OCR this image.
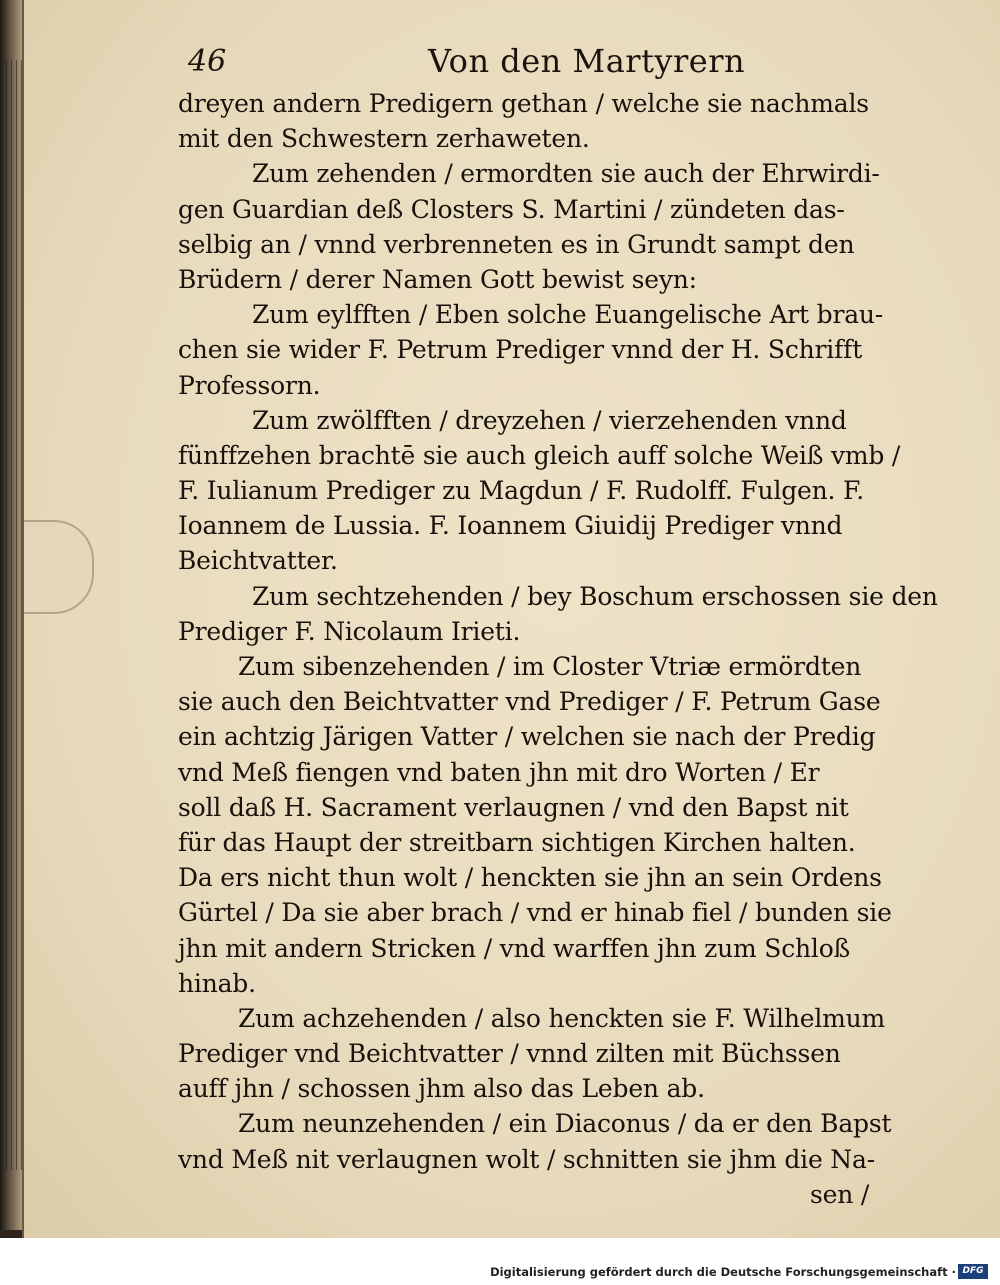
46	Von den Martyrern
dreyen andern Predigern gethan / welche sie nachmals
mit den Schwestern zerhaweten.
Zum zehenden / ermordten sie auch der Ehrwirdi-
gen Guardian deß Closters S. Martini / zündeten das-
selbig an / vnnd verbrenneten es in Grundt sampt den
Brüdern / derer Namen Gott bewist seyn:
Zum eylfften / Eben solche Euangelische Art brau-
chen sie wider F. Petrum Prediger vnnd der H. Schrifft
Professorn.
Zum zwölfften / dreyzehen / vierzehenden vnnd
fünffzehen brachtē sie auch gleich auff solche Weiß vmb /
F. Iulianum Prediger zu Magdun / F. Rudolff. Fulgen. F.
Ioannem de Lussia. F. Ioannem Giuidij Prediger vnnd
Beichtvatter.
Zum sechtzehenden / bey Boschum erschossen sie den
Prediger F. Nicolaum Irieti.
Zum sibenzehenden / im Closter Vtriæ ermördten
sie auch den Beichtvatter vnd Prediger / F. Petrum Gase
ein achtzig Järigen Vatter / welchen sie nach der Predig
vnd Meß fiengen vnd baten jhn mit dro Worten / Er
soll daß H. Sacrament verlaugnen / vnd den Bapst nit
für das Haupt der streitbarn sichtigen Kirchen halten.
Da ers nicht thun wolt / henckten sie jhn an sein Ordens
Gürtel / Da sie aber brach / vnd er hinab fiel / bunden sie
jhn mit andern Stricken / vnd warffen jhn zum Schloß
hinab.
Zum achzehenden / also henckten sie F. Wilhelmum
Prediger vnd Beichtvatter / vnnd zilten mit Büchssen
auff jhn / schossen jhm also das Leben ab.
Zum neunzehenden / ein Diaconus / da er den Bapst
vnd Meß nit verlaugnen wolt / schnitten sie jhm die Na-
sen /
Digitalisierung gefördert durch die Deutsche Forschungsgemeinschaft · DFG
